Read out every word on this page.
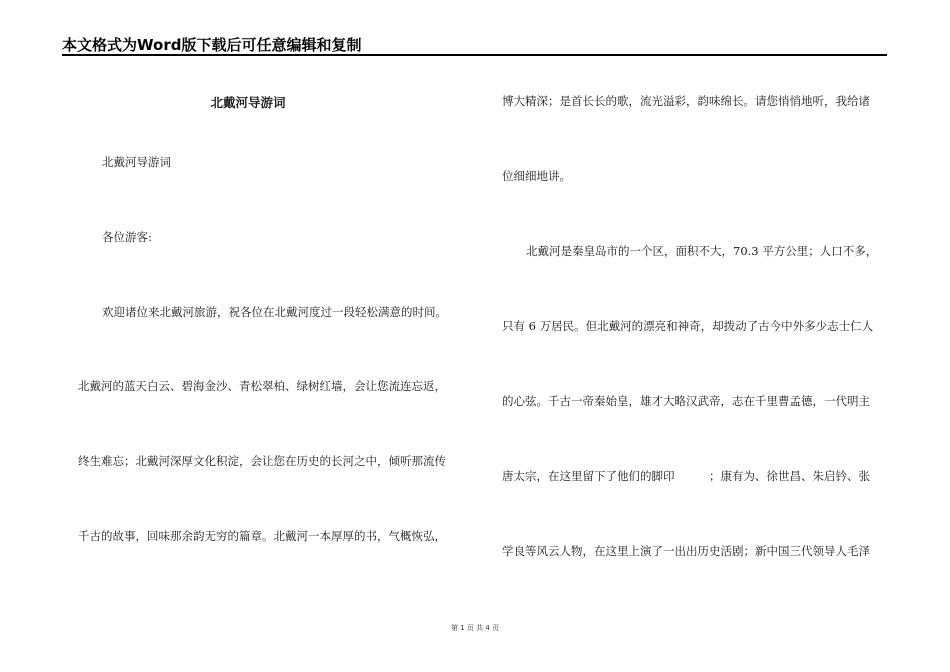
本文格式为Word版下载后可任意编辑和复制
北戴河导游词
北戴河导游词
各位游客:
欢迎诸位来北戴河旅游，祝各位在北戴河度过一段轻松满意的时间。
北戴河的蓝天白云、碧海金沙、青松翠柏、绿树红墙，会让您流连忘返，
终生难忘；北戴河深厚文化积淀，会让您在历史的长河之中，倾听那流传
千古的故事，回味那余韵无穷的篇章。北戴河一本厚厚的书，气概恢弘，
博大精深；是首长长的歌，流光溢彩，韵味绵长。请您悄悄地听，我给诸
位细细地讲。
北戴河是秦皇岛市的一个区，面积不大，70.3 平方公里；人口不多，
只有 6 万居民。但北戴河的漂亮和神奇，却拨动了古今中外多少志士仁人
的心弦。千古一帝秦始皇，雄才大略汉武帝，志在千里曹孟德，一代明主
唐太宗，在这里留下了他们的脚印　　　；康有为、徐世昌、朱启钤、张
学良等风云人物，在这里上演了一出出历史活剧；新中国三代领导人毛泽
第 1 页 共 4 页
